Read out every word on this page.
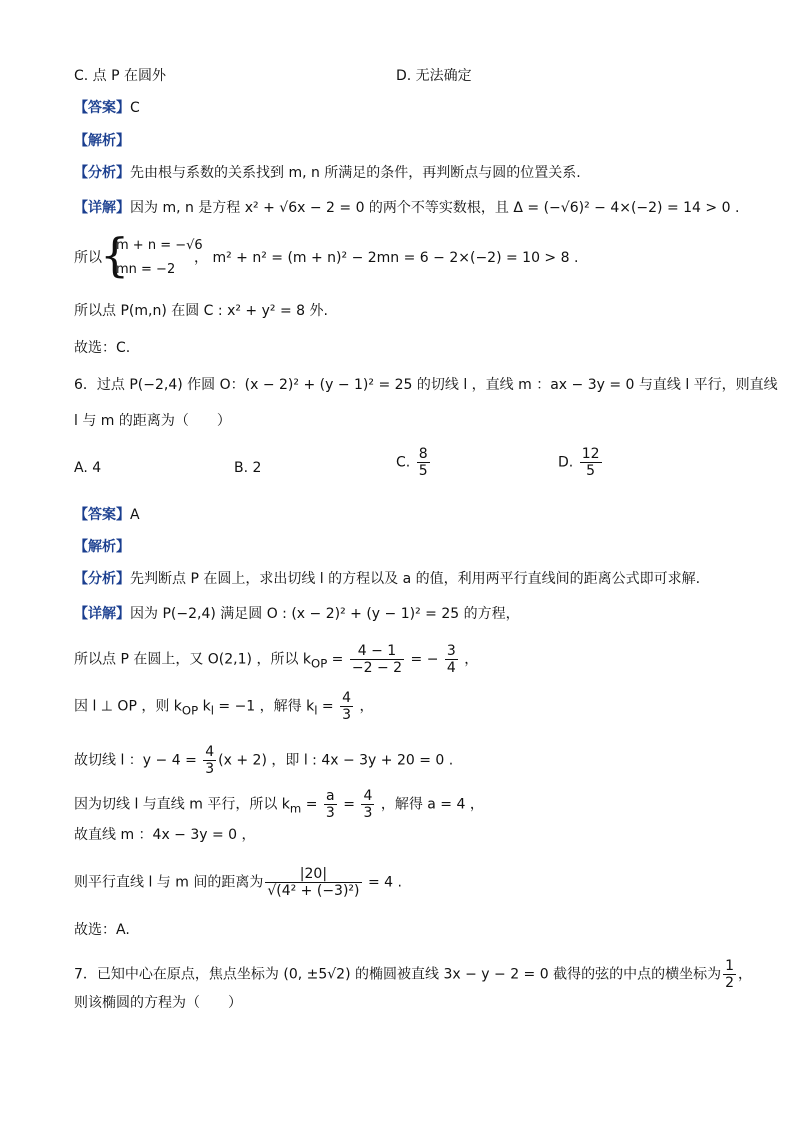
C. 点 P 在圆外	D. 无法确定
【答案】C
【解析】
【分析】先由根与系数的关系找到 m, n 所满足的条件，再判断点与圆的位置关系.
【详解】因为 m, n 是方程 x² + √6x − 2 = 0 的两个不等实数根，且 Δ = (−√6)² − 4×(−2) = 14 > 0 .
所以
{
m + n = −√6
mn = −2
， m² + n² = (m + n)² − 2mn = 6 − 2×(−2) = 10 > 8 .
所以点 P(m,n) 在圆 C : x² + y² = 8 外.
故选：C.
6．过点 P(−2,4) 作圆 O：(x − 2)² + (y − 1)² = 25 的切线 l ，直线 m ：ax − 3y = 0 与直线 l 平行，则直线
l 与 m 的距离为（　　）
A. 4	B. 2	C. $\frac{8}{5}$	D. $\frac{12}{5}$
【答案】A
【解析】
【分析】先判断点 P 在圆上，求出切线 l 的方程以及 a 的值，利用两平行直线间的距离公式即可求解.
【详解】因为 P(−2,4) 满足圆 O : (x − 2)² + (y − 1)² = 25 的方程，
所以点 P 在圆上，又 O(2,1) ，所以 $k_{OP} = \frac{4 - 1}{-2 - 2}$ = − $\frac{3}{4}$ ，
因 l ⊥ OP ，则 $k_{OP}$ $k_l = -1$ ，解得 $k_l = \frac{4}{3}$ ，
故切线 l ：$y - 4 = \frac{4}{3} (x + 2)$ ，即 l : 4x − 3y + 20 = 0 .
因为切线 l 与直线 m 平行，所以 $k_m = \frac{a}{3} = \frac{4}{3}$ ，解得 a = 4 ，
故直线 m ：4x − 3y = 0 ，
则平行直线 l 与 m 间的距离为 $\frac{|20|}{\text{√(4² + (−3)²)}} = 4$ .
故选：A.
7．已知中心在原点，焦点坐标为 (0, ±5√2) 的椭圆被直线 3x − y − 2 = 0 截得的弦的中点的横坐标为 $\frac{1}{2}$ ，
则该椭圆的方程为（　　）
